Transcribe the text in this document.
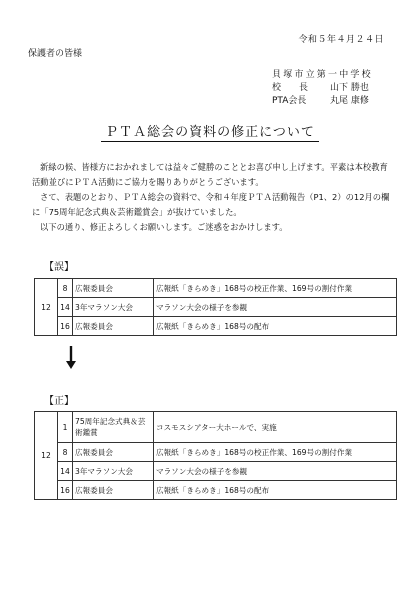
令和５年４月２４日
保護者の皆様
貝塚市立第一中学校
校　　長	山下 勝也
PTA会長	丸尾 康修
ＰＴＡ総会の資料の修正について

新緑の候、皆様方におかれましては益々ご健勝のこととお喜び申し上げます。平素は本校教育活動並びにＰＴＡ活動にご協力を賜りありがとうございます。

さて、表題のとおり、ＰＴＡ総会の資料で、令和４年度ＰＴＡ活動報告（P1、2）の12月の欄に「75周年記念式典＆芸術鑑賞会」が抜けていました。

以下の通り、修正よろしくお願いします。ご迷惑をおかけします。

【誤】
12	8	広報委員会	広報紙「きらめき」168号の校正作業、169号の割付作業
	14	3年マラソン大会	マラソン大会の様子を参観
	16	広報委員会	広報紙「きらめき」168号の配布
【正】
12	1	75周年記念式典＆芸術鑑賞	コスモスシアター大ホールで、実施
	8	広報委員会	広報紙「きらめき」168号の校正作業、169号の割付作業
	14	3年マラソン大会	マラソン大会の様子を参観
	16	広報委員会	広報紙「きらめき」168号の配布
